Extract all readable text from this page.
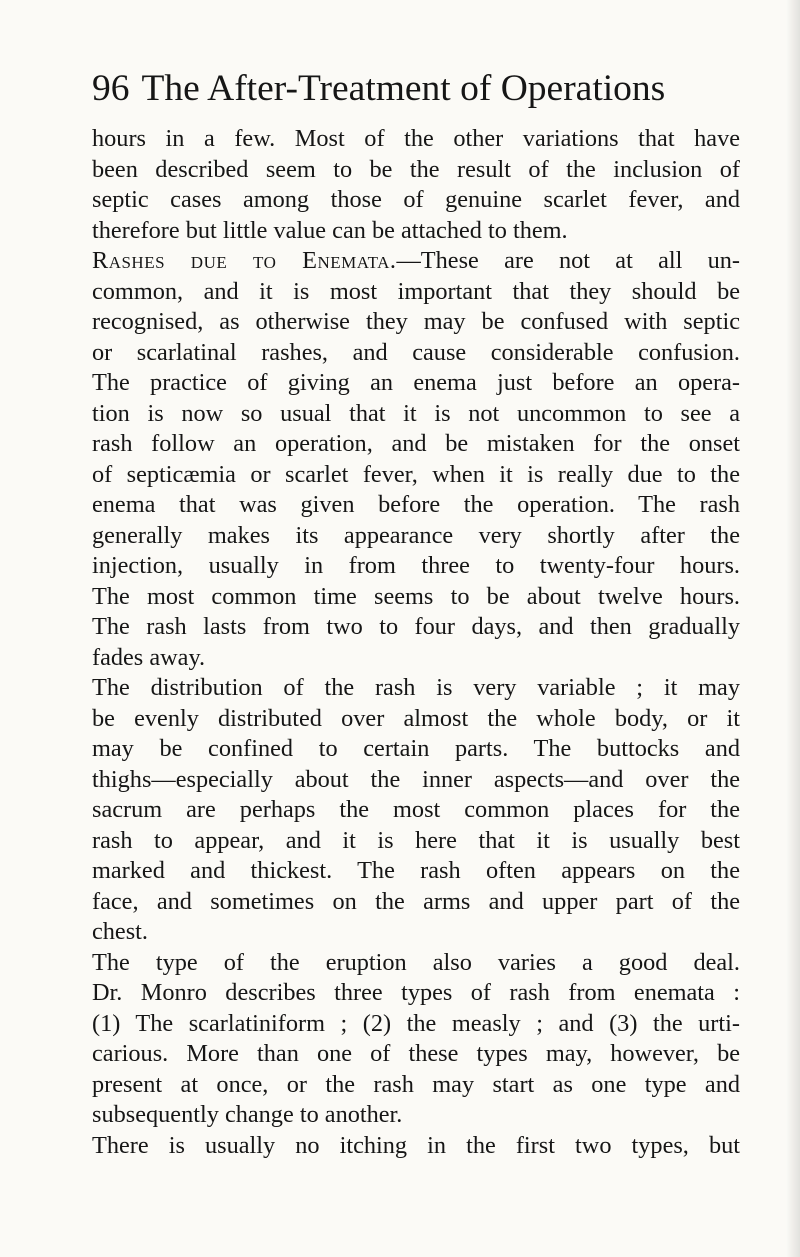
96 The After-Treatment of Operations
hours in a few. Most of the other variations that have
been described seem to be the result of the inclusion of
septic cases among those of genuine scarlet fever, and
therefore but little value can be attached to them.
Rashes due to Enemata.—These are not at all un-
common, and it is most important that they should be
recognised, as otherwise they may be confused with septic
or scarlatinal rashes, and cause considerable confusion.
The practice of giving an enema just before an opera-
tion is now so usual that it is not uncommon to see a
rash follow an operation, and be mistaken for the onset
of septicæmia or scarlet fever, when it is really due to the
enema that was given before the operation. The rash
generally makes its appearance very shortly after the
injection, usually in from three to twenty-four hours.
The most common time seems to be about twelve hours.
The rash lasts from two to four days, and then gradually
fades away.
The distribution of the rash is very variable ; it may
be evenly distributed over almost the whole body, or it
may be confined to certain parts. The buttocks and
thighs—especially about the inner aspects—and over the
sacrum are perhaps the most common places for the
rash to appear, and it is here that it is usually best
marked and thickest. The rash often appears on the
face, and sometimes on the arms and upper part of the
chest.
The type of the eruption also varies a good deal.
Dr. Monro describes three types of rash from enemata :
(1) The scarlatiniform ; (2) the measly ; and (3) the urti-
carious. More than one of these types may, however, be
present at once, or the rash may start as one type and
subsequently change to another.
There is usually no itching in the first two types, but
